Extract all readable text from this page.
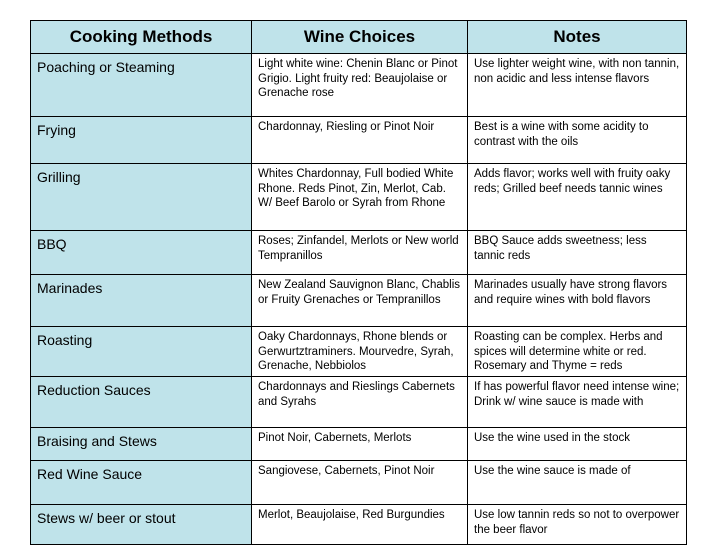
Cooking Methods	Wine Choices	Notes
Poaching or Steaming	Light white wine: Chenin Blanc or Pinot Grigio. Light fruity red: Beaujolaise or Grenache rose	Use lighter weight wine, with non tannin, non acidic and less intense flavors
Frying	Chardonnay, Riesling or Pinot Noir	Best is a wine with some acidity to contrast with the oils
Grilling	Whites Chardonnay, Full bodied White Rhone. Reds Pinot, Zin, Merlot, Cab. W/ Beef Barolo or Syrah from Rhone	Adds flavor; works well with fruity oaky reds; Grilled beef needs tannic wines
BBQ	Roses; Zinfandel, Merlots or New world Tempranillos	BBQ Sauce adds sweetness; less tannic reds
Marinades	New Zealand Sauvignon Blanc, Chablis or Fruity Grenaches or Tempranillos	Marinades usually have strong flavors and require wines with bold flavors
Roasting	Oaky Chardonnays, Rhone blends or Gerwurtztraminers. Mourvedre, Syrah, Grenache, Nebbiolos	Roasting can be complex. Herbs and spices will determine white or red. Rosemary and Thyme = reds
Reduction Sauces	Chardonnays and Rieslings Cabernets and Syrahs	If has powerful flavor need intense wine; Drink w/ wine sauce is made with
Braising and Stews	Pinot Noir, Cabernets, Merlots	Use the wine used in the stock
Red Wine Sauce	Sangiovese, Cabernets, Pinot Noir	Use the wine sauce is made of
Stews w/ beer or stout	Merlot, Beaujolaise, Red Burgundies	Use low tannin reds so not to overpower the beer flavor
